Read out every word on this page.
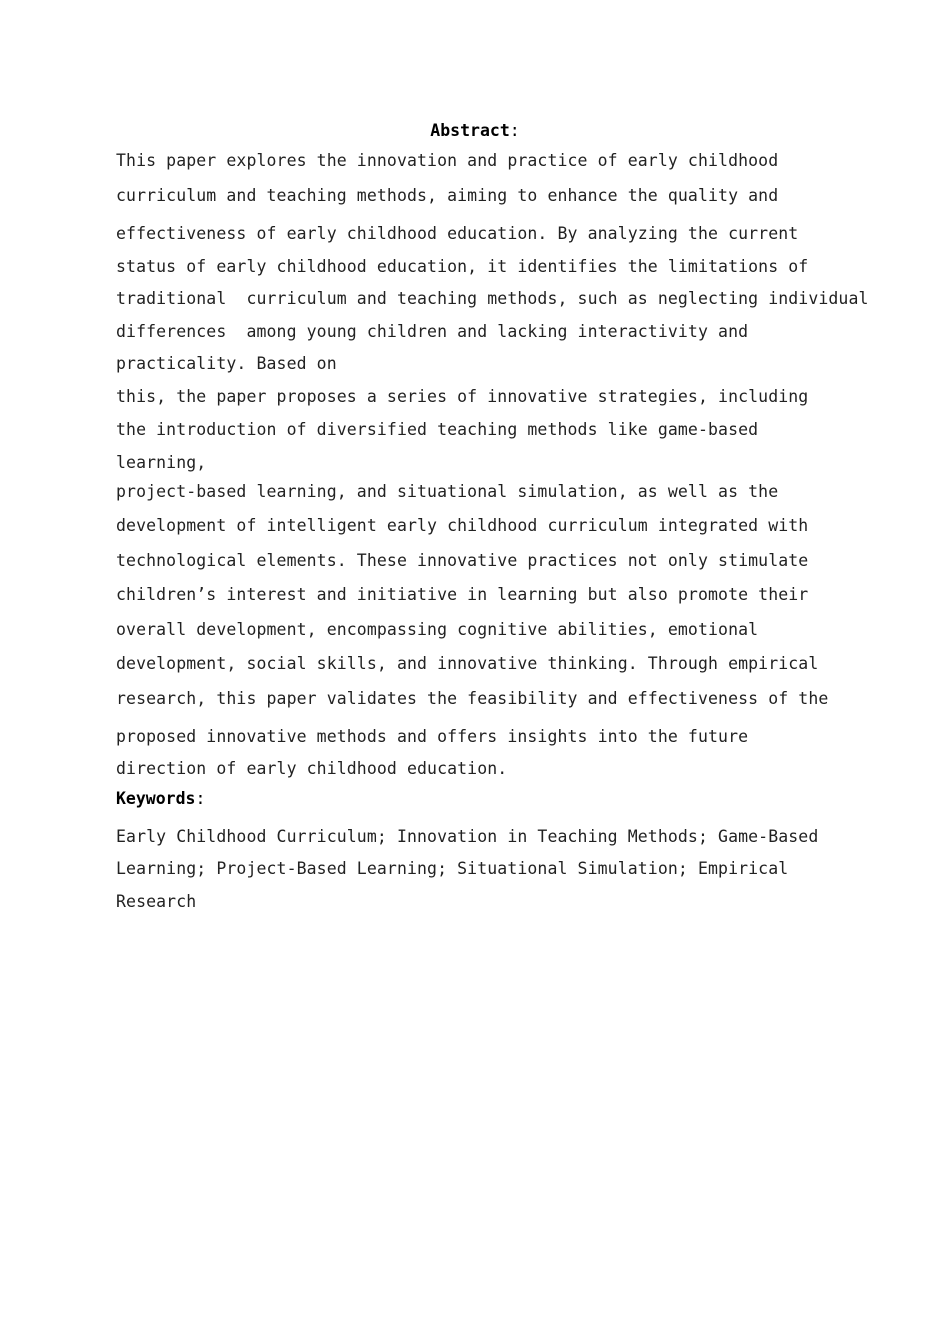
Abstract:
This paper explores the innovation and practice of early childhood
curriculum and teaching methods, aiming to enhance the quality and
effectiveness of early childhood education. By analyzing the current
status of early childhood education, it identifies the limitations of
traditional  curriculum and teaching methods, such as neglecting individual
differences  among young children and lacking interactivity and
practicality. Based on
this, the paper proposes a series of innovative strategies, including
the introduction of diversified teaching methods like game-based
learning,
project-based learning, and situational simulation, as well as the
development of intelligent early childhood curriculum integrated with
technological elements. These innovative practices not only stimulate
children’s interest and initiative in learning but also promote their
overall development, encompassing cognitive abilities, emotional
development, social skills, and innovative thinking. Through empirical
research, this paper validates the feasibility and effectiveness of the
proposed innovative methods and offers insights into the future
direction of early childhood education.
Keywords:
Early Childhood Curriculum; Innovation in Teaching Methods; Game-Based
Learning; Project-Based Learning; Situational Simulation; Empirical
Research
